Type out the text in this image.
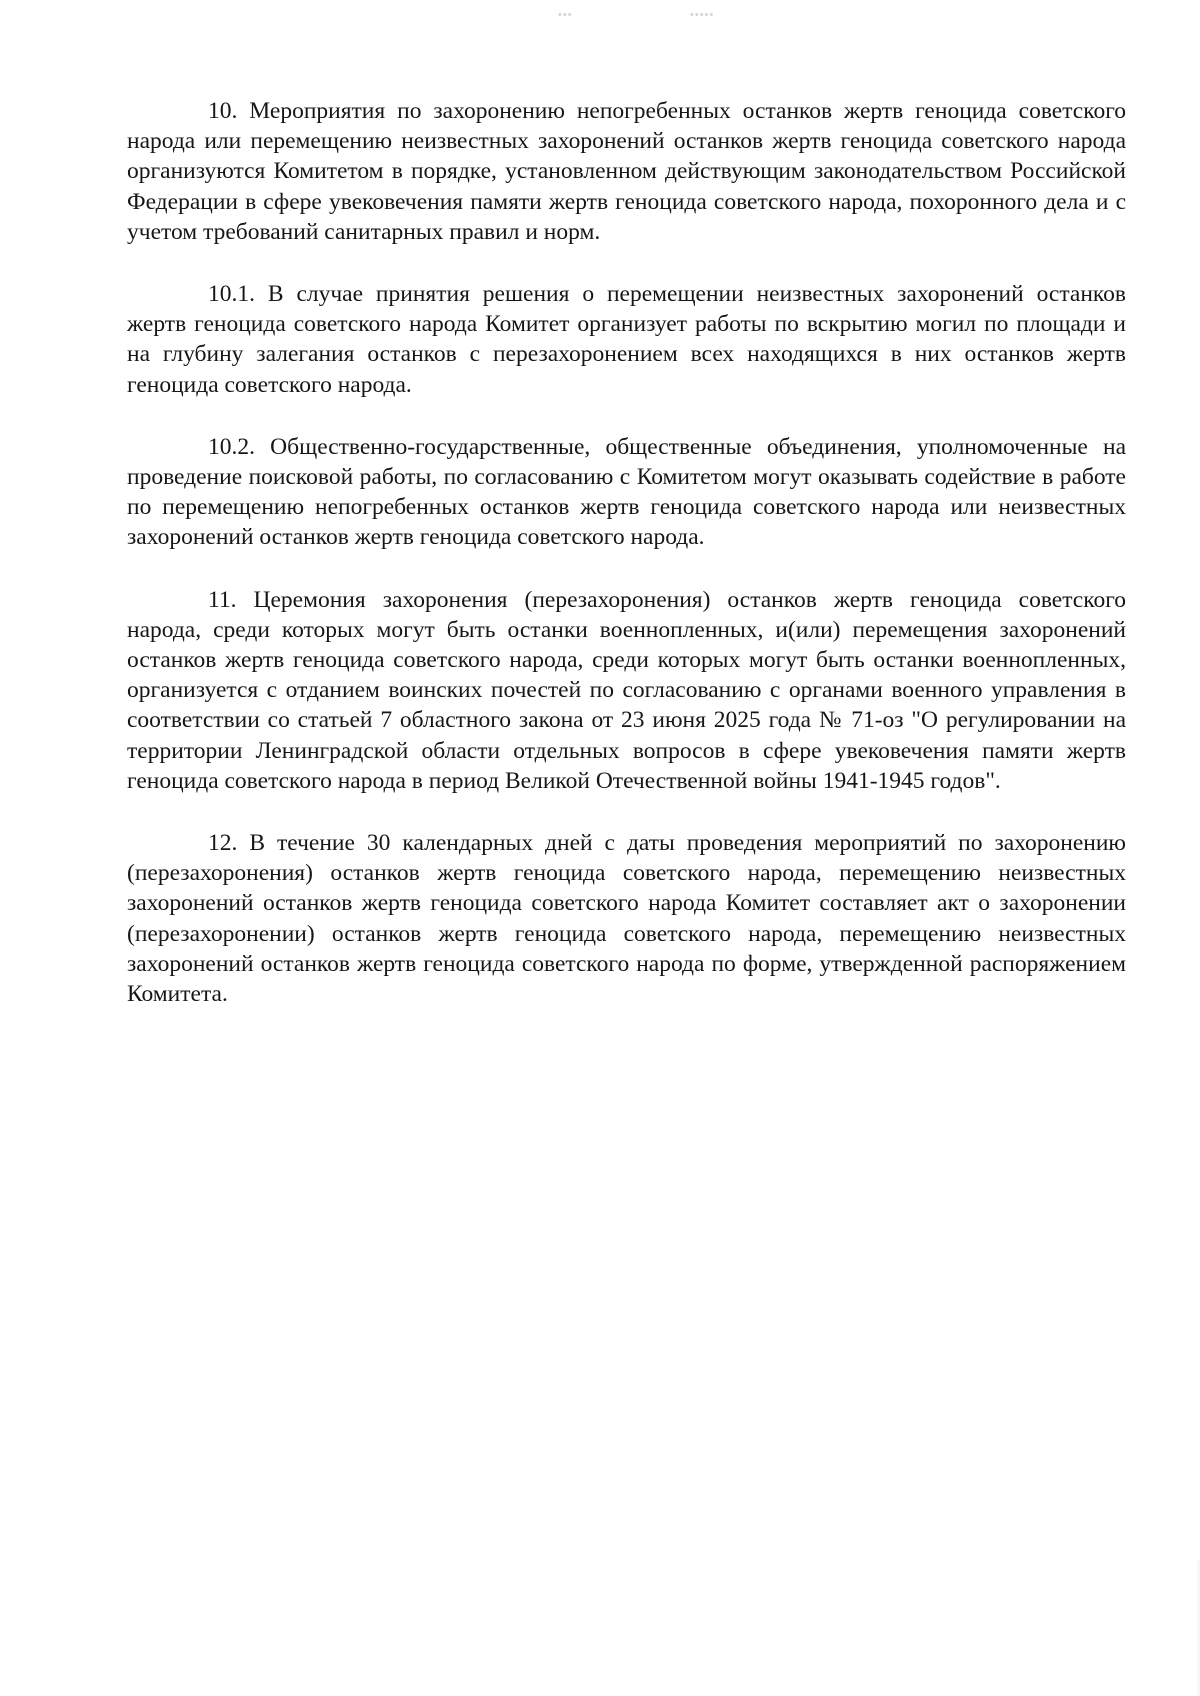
•••	•••••

10. Мероприятия по захоронению непогребенных останков жертв геноцида советского народа или перемещению неизвестных захоронений останков жертв геноцида советского народа организуются Комитетом в порядке, установленном действующим законодательством Российской Федерации в сфере увековечения памяти жертв геноцида советского народа, похоронного дела и с учетом требований санитарных правил и норм.

10.1. В случае принятия решения о перемещении неизвестных захоронений останков жертв геноцида советского народа Комитет организует работы по вскрытию могил по площади и на глубину залегания останков с перезахоронением всех находящихся в них останков жертв геноцида советского народа.

10.2. Общественно-государственные, общественные объединения, уполномоченные на проведение поисковой работы, по согласованию с Комитетом могут оказывать содействие в работе по перемещению непогребенных останков жертв геноцида советского народа или неизвестных захоронений останков жертв геноцида советского народа.

11. Церемония захоронения (перезахоронения) останков жертв геноцида советского народа, среди которых могут быть останки военнопленных, и(или) перемещения захоронений останков жертв геноцида советского народа, среди которых могут быть останки военнопленных, организуется с отданием воинских почестей по согласованию с органами военного управления в соответствии со статьей 7 областного закона от 23 июня 2025 года № 71-оз "О регулировании на территории Ленинградской области отдельных вопросов в сфере увековечения памяти жертв геноцида советского народа в период Великой Отечественной войны 1941-1945 годов".

12. В течение 30 календарных дней с даты проведения мероприятий по захоронению (перезахоронения) останков жертв геноцида советского народа, перемещению неизвестных захоронений останков жертв геноцида советского народа Комитет составляет акт о захоронении (перезахоронении) останков жертв геноцида советского народа, перемещению неизвестных захоронений останков жертв геноцида советского народа по форме, утвержденной распоряжением Комитета.
